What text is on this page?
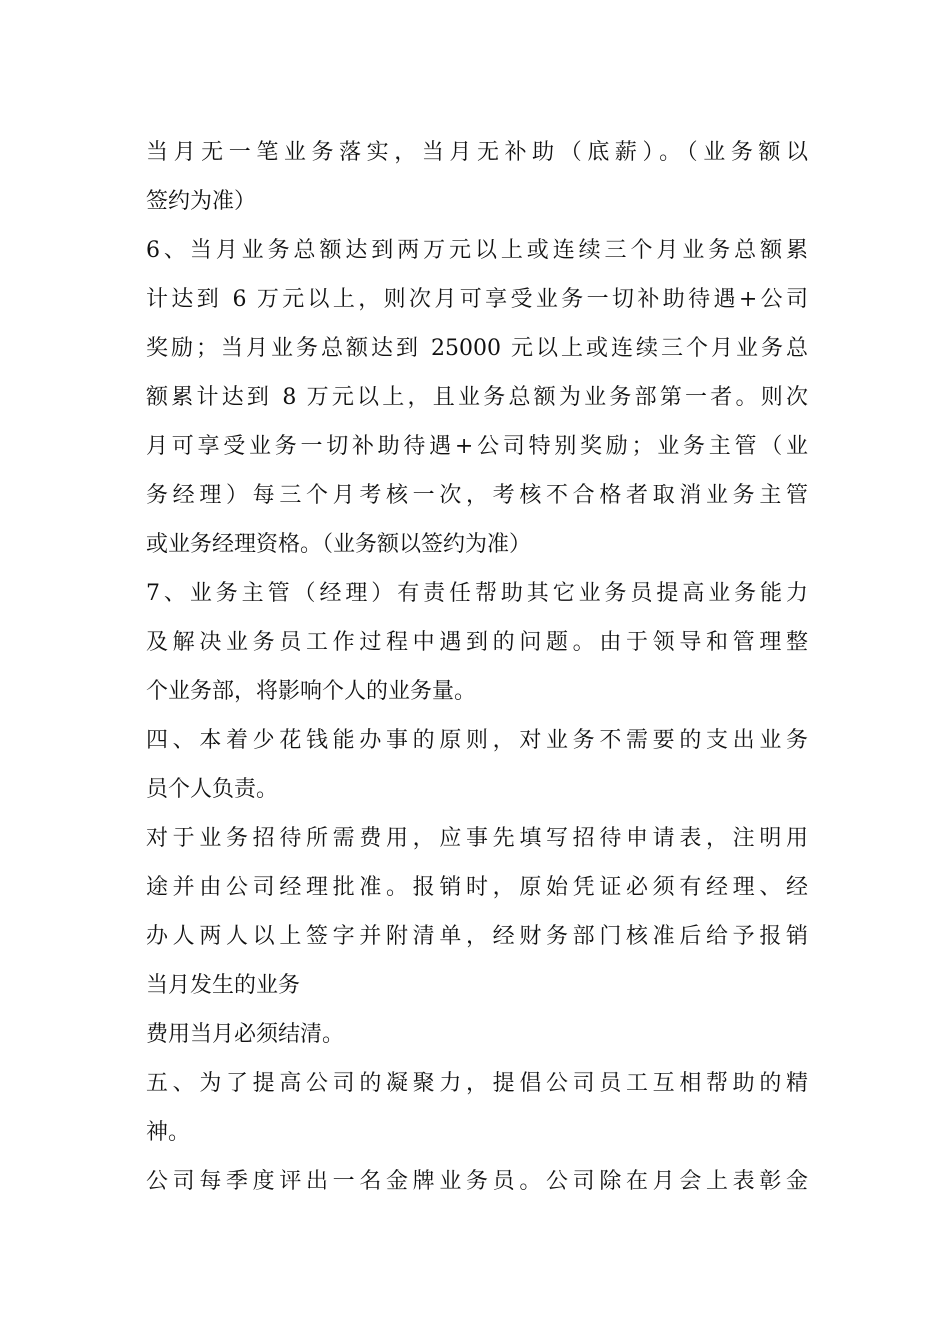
当月无一笔业务落实，当月无补助（底薪）。（业务额以
签约为准）
6、当月业务总额达到两万元以上或连续三个月业务总额累
计达到 6 万元以上，则次月可享受业务一切补助待遇+公司
奖励；当月业务总额达到 25000 元以上或连续三个月业务总
额累计达到 8 万元以上，且业务总额为业务部第一者。则次
月可享受业务一切补助待遇+公司特别奖励；业务主管（业
务经理）每三个月考核一次，考核不合格者取消业务主管
或业务经理资格。（业务额以签约为准）
7、业务主管（经理）有责任帮助其它业务员提高业务能力
及解决业务员工作过程中遇到的问题。由于领导和管理整
个业务部，将影响个人的业务量。
四、本着少花钱能办事的原则，对业务不需要的支出业务
员个人负责。
对于业务招待所需费用，应事先填写招待申请表，注明用
途并由公司经理批准。报销时，原始凭证必须有经理、经
办人两人以上签字并附清单，经财务部门核准后给予报销
当月发生的业务
费用当月必须结清。
五、为了提高公司的凝聚力，提倡公司员工互相帮助的精
神。
公司每季度评出一名金牌业务员。公司除在月会上表彰金
